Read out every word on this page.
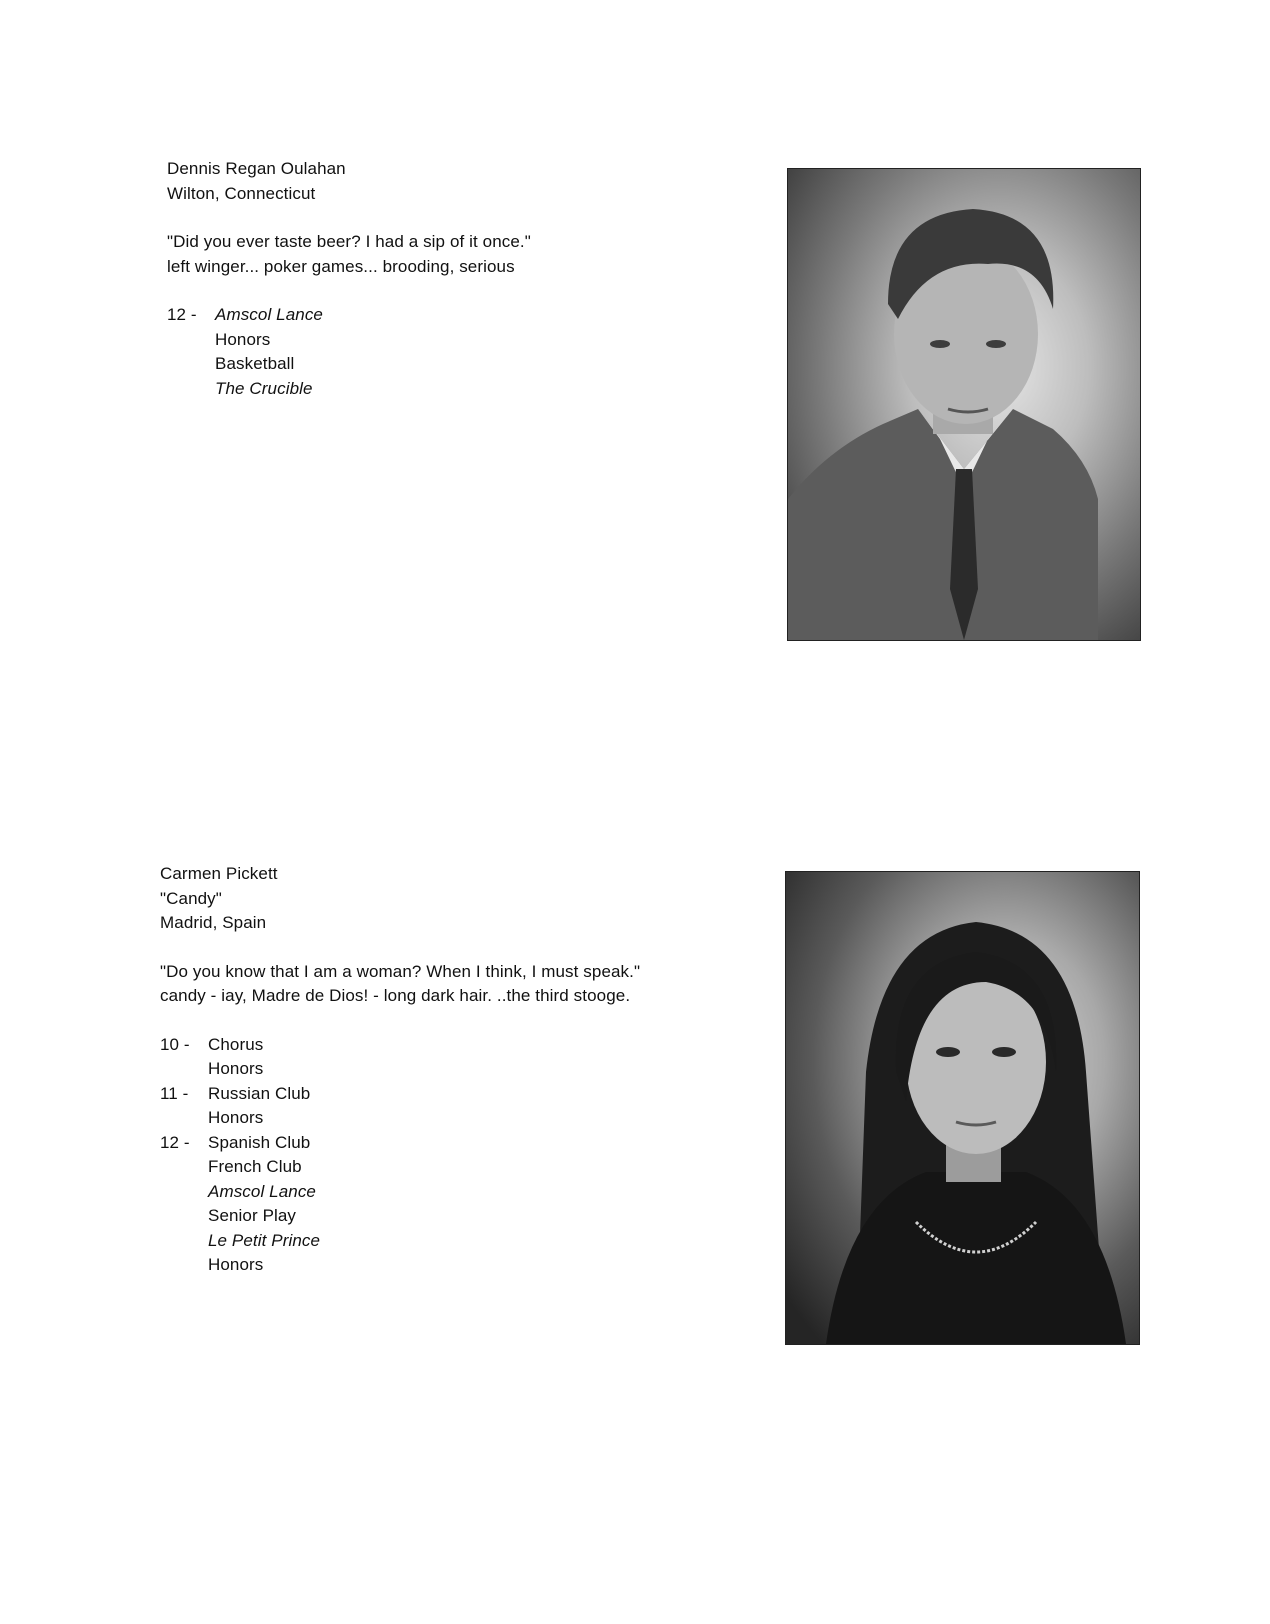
Dennis Regan Oulahan
Wilton, Connecticut
"Did you ever taste beer? I had a sip of it once."
left winger... poker games... brooding, serious
12 -	Amscol Lance
Honors
Basketball
The Crucible
Carmen Pickett
"Candy"
Madrid, Spain
"Do you know that I am a woman? When I think, I must speak."
candy - iay, Madre de Dios! - long dark hair. ..the third stooge.
10 -	Chorus
Honors
11 -	Russian Club
Honors
12 -	Spanish Club
French Club
Amscol Lance
Senior Play
Le Petit Prince
Honors
